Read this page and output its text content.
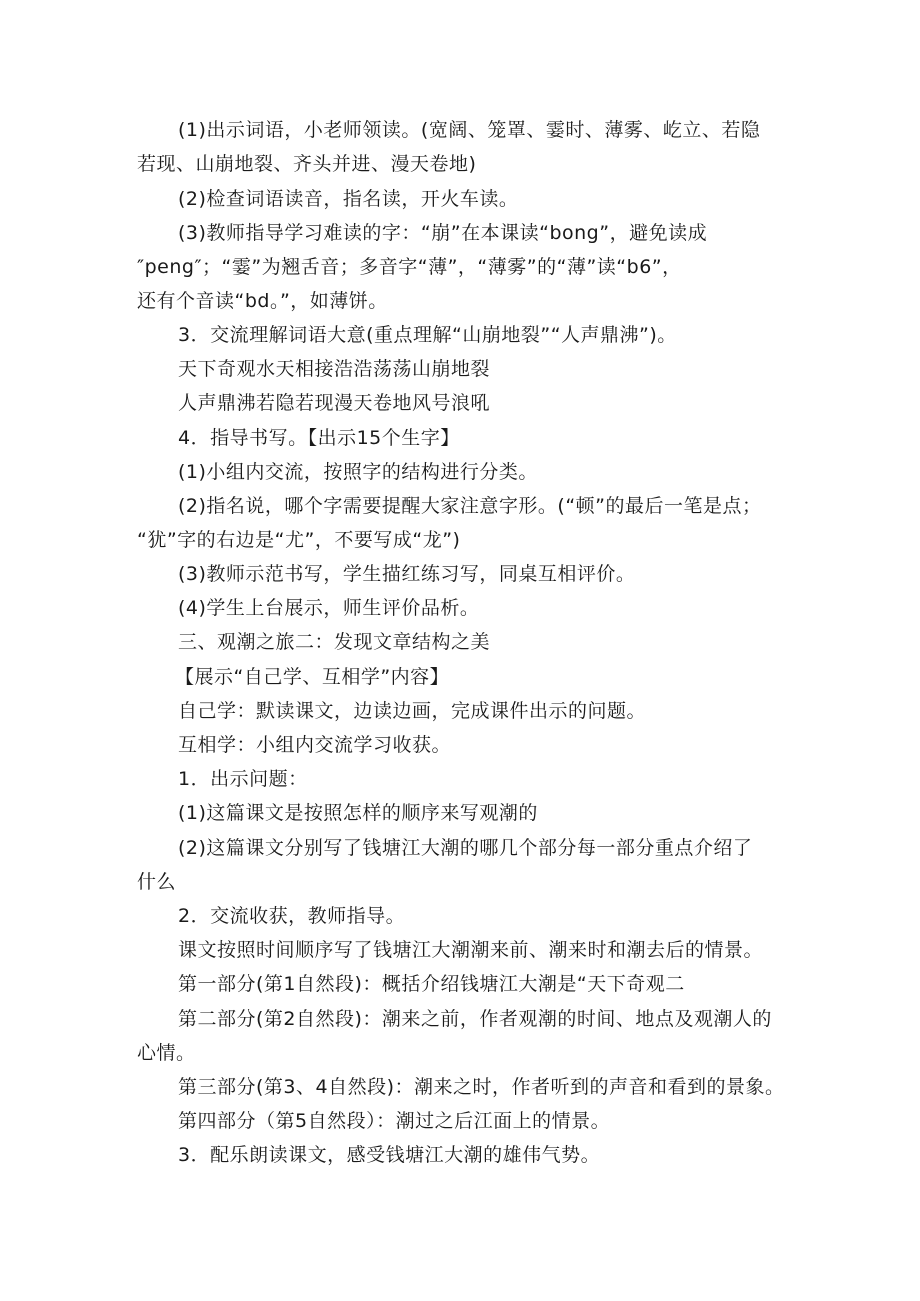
(1)出示词语，小老师领读。(宽阔、笼罩、霎时、薄雾、屹立、若隐
若现、山崩地裂、齐头并进、漫天卷地)
(2)检查词语读音，指名读，开火车读。
(3)教师指导学习难读的字：“崩”在本课读“bong”，避免读成
″peng″；“霎”为翘舌音；多音字“薄”，“薄雾”的“薄”读“b6”，
还有个音读“bd。”，如薄饼。
3．交流理解词语大意(重点理解“山崩地裂”“人声鼎沸”)。
天下奇观水天相接浩浩荡荡山崩地裂
人声鼎沸若隐若现漫天卷地风号浪吼
4．指导书写。【出示15个生字】
(1)小组内交流，按照字的结构进行分类。
(2)指名说，哪个字需要提醒大家注意字形。(“顿”的最后一笔是点；
“犹”字的右边是“尤”，不要写成“龙”)
(3)教师示范书写，学生描红练习写，同桌互相评价。
(4)学生上台展示，师生评价品析。
三、观潮之旅二：发现文章结构之美
【展示“自己学、互相学”内容】
自己学：默读课文，边读边画，完成课件出示的问题。
互相学：小组内交流学习收获。
1．出示问题：
(1)这篇课文是按照怎样的顺序来写观潮的
(2)这篇课文分别写了钱塘江大潮的哪几个部分每一部分重点介绍了
什么
2．交流收获，教师指导。
课文按照时间顺序写了钱塘江大潮潮来前、潮来时和潮去后的情景。
第一部分(第1自然段)：概括介绍钱塘江大潮是“天下奇观二
第二部分(第2自然段)：潮来之前，作者观潮的时间、地点及观潮人的
心情。
第三部分(第3、4自然段)：潮来之时，作者听到的声音和看到的景象。
第四部分（第5自然段）：潮过之后江面上的情景。
3．配乐朗读课文，感受钱塘江大潮的雄伟气势。
